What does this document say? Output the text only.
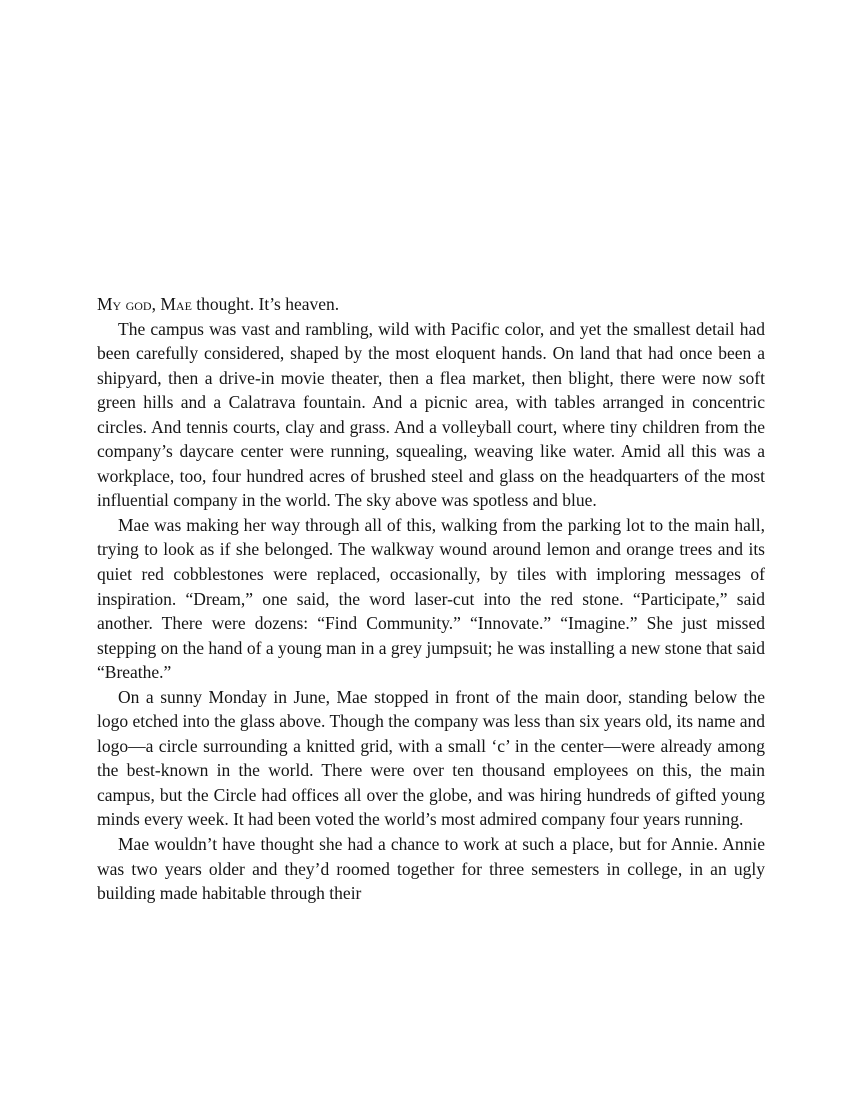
My god, Mae thought. It’s heaven.

The campus was vast and rambling, wild with Pacific color, and yet the smallest detail had been carefully considered, shaped by the most eloquent hands. On land that had once been a shipyard, then a drive-in movie theater, then a flea market, then blight, there were now soft green hills and a Calatrava fountain. And a picnic area, with tables arranged in concentric circles. And tennis courts, clay and grass. And a volleyball court, where tiny children from the company’s daycare center were running, squealing, weaving like water. Amid all this was a workplace, too, four hundred acres of brushed steel and glass on the headquarters of the most influential company in the world. The sky above was spotless and blue.

Mae was making her way through all of this, walking from the parking lot to the main hall, trying to look as if she belonged. The walkway wound around lemon and orange trees and its quiet red cobblestones were replaced, occasionally, by tiles with imploring messages of inspiration. “Dream,” one said, the word laser-cut into the red stone. “Participate,” said another. There were dozens: “Find Community.” “Innovate.” “Imagine.” She just missed stepping on the hand of a young man in a grey jumpsuit; he was installing a new stone that said “Breathe.”

On a sunny Monday in June, Mae stopped in front of the main door, standing below the logo etched into the glass above. Though the company was less than six years old, its name and logo—a circle surrounding a knitted grid, with a small ‘c’ in the center—were already among the best-known in the world. There were over ten thousand employees on this, the main campus, but the Circle had offices all over the globe, and was hiring hundreds of gifted young minds every week. It had been voted the world’s most admired company four years running.

Mae wouldn’t have thought she had a chance to work at such a place, but for Annie. Annie was two years older and they’d roomed together for three semesters in college, in an ugly building made habitable through their
